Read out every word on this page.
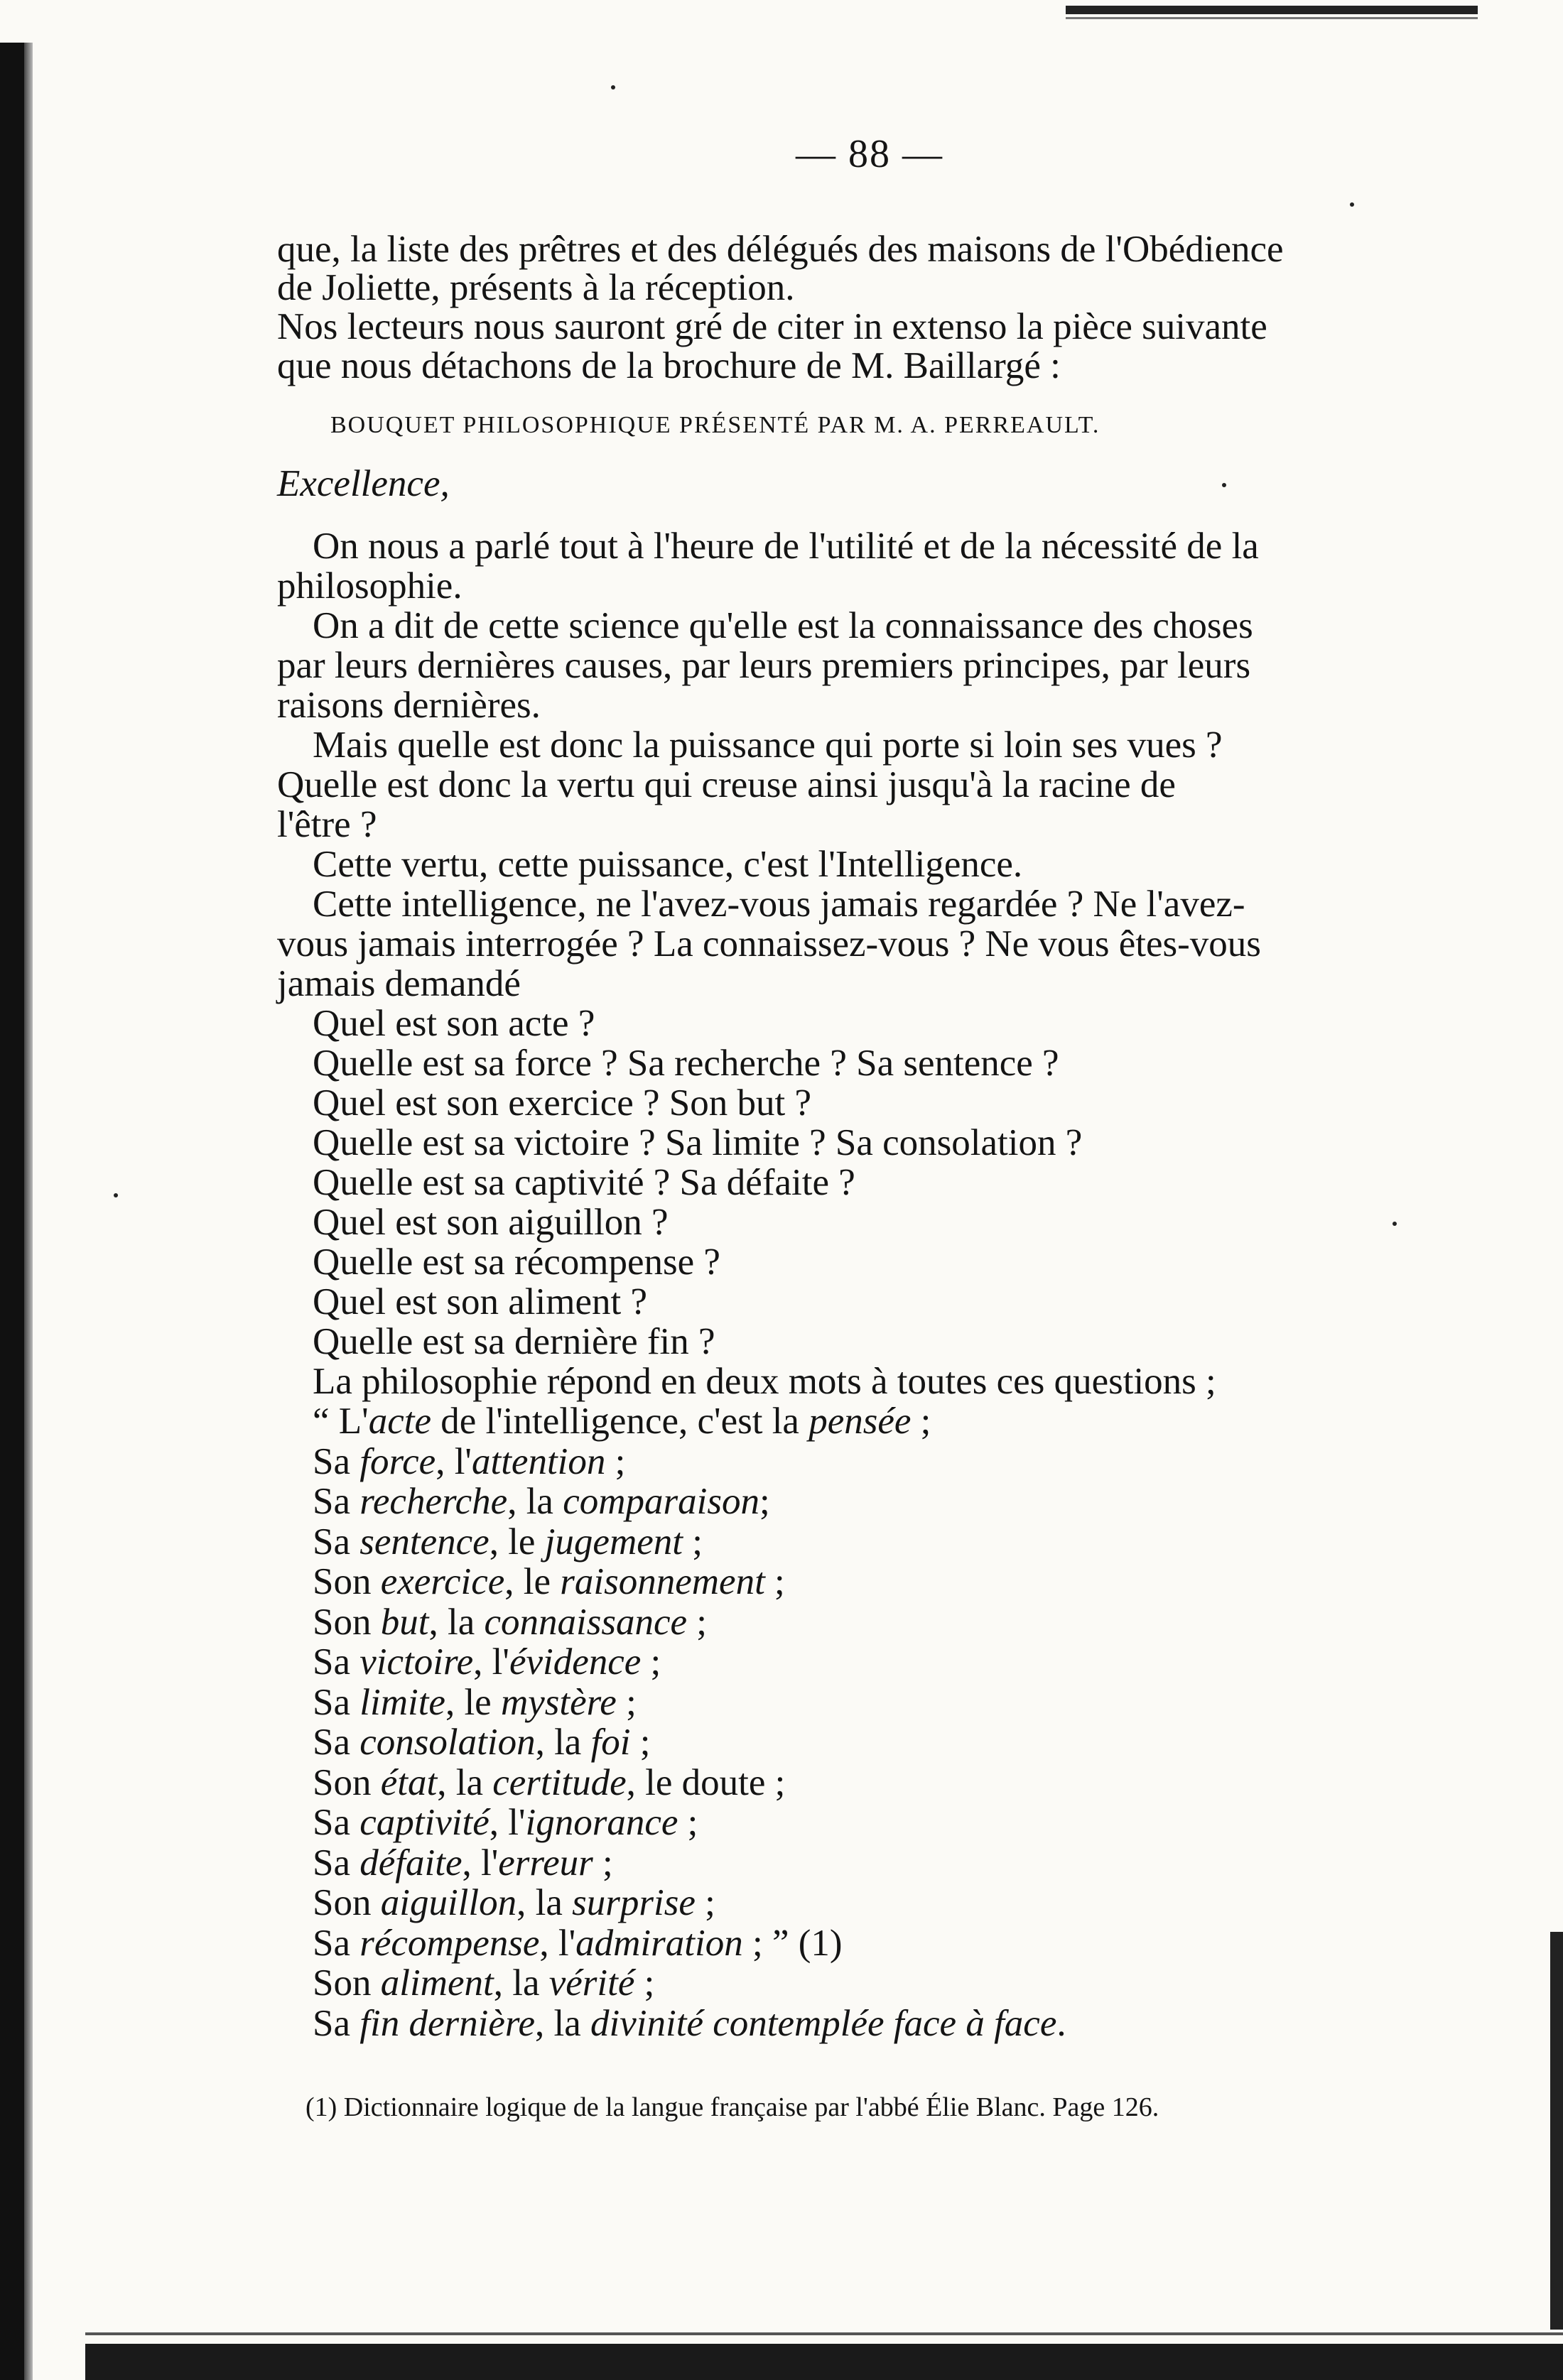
— 88 —
que, la liste des prêtres et des délégués des maisons de l'Obédience
de Joliette, présents à la réception.
Nos lecteurs nous sauront gré de citer in extenso la pièce suivante
que nous détachons de la brochure de M. Baillargé :
BOUQUET PHILOSOPHIQUE PRÉSENTÉ PAR M. A. PERREAULT.
Excellence,
On nous a parlé tout à l'heure de l'utilité et de la nécessité de la
philosophie.
On a dit de cette science qu'elle est la connaissance des choses
par leurs dernières causes, par leurs premiers principes, par leurs
raisons dernières.
Mais quelle est donc la puissance qui porte si loin ses vues ?
Quelle est donc la vertu qui creuse ainsi jusqu'à la racine de
l'être ?
Cette vertu, cette puissance, c'est l'Intelligence.
Cette intelligence, ne l'avez-vous jamais regardée ? Ne l'avez-
vous jamais interrogée ? La connaissez-vous ? Ne vous êtes-vous
jamais demandé
Quel est son acte ?
Quelle est sa force ? Sa recherche ? Sa sentence ?
Quel est son exercice ? Son but ?
Quelle est sa victoire ? Sa limite ? Sa consolation ?
Quelle est sa captivité ? Sa défaite ?
Quel est son aiguillon ?
Quelle est sa récompense ?
Quel est son aliment ?
Quelle est sa dernière fin ?
La philosophie répond en deux mots à toutes ces questions ;
“ L'acte de l'intelligence, c'est la pensée ;
Sa force, l'attention ;
Sa recherche, la comparaison;
Sa sentence, le jugement ;
Son exercice, le raisonnement ;
Son but, la connaissance ;
Sa victoire, l'évidence ;
Sa limite, le mystère ;
Sa consolation, la foi ;
Son état, la certitude, le doute ;
Sa captivité, l'ignorance ;
Sa défaite, l'erreur ;
Son aiguillon, la surprise ;
Sa récompense, l'admiration ; ” (1)
Son aliment, la vérité ;
Sa fin dernière, la divinité contemplée face à face.
(1) Dictionnaire logique de la langue française par l'abbé Élie Blanc. Page 126.
